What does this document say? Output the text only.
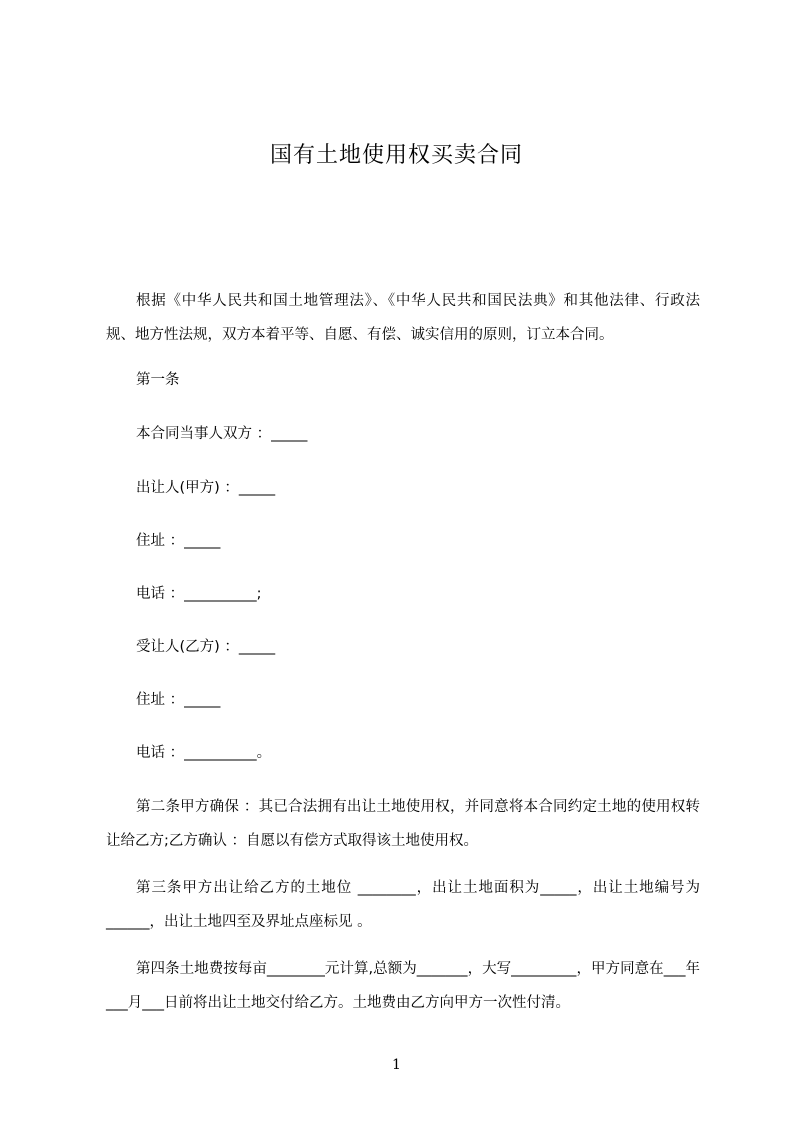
国有土地使用权买卖合同
根据《中华人民共和国土地管理法》、《中华人民共和国民法典》和其他法律、行政法规、地方性法规，双方本着平等、自愿、有偿、诚实信用的原则，订立本合同。
第一条
本合同当事人双方 ：_____
出让人(甲方) ：_____
住址 ：_____
电话 ：__________;
受让人(乙方) ：_____
住址 ：_____
电话 ：__________。
第二条甲方确保 ：其已合法拥有出让土地使用权，并同意将本合同约定土地的使用权转让给乙方;乙方确认 ：自愿以有偿方式取得该土地使用权。
第三条甲方出让给乙方的土地位 ________，出让土地面积为_____，出让土地编号为______，出让土地四至及界址点座标见 。
第四条土地费按每亩________元计算,总额为_______，大写_________，甲方同意在___年___月___日前将出让土地交付给乙方。土地费由乙方向甲方一次性付清。
1
